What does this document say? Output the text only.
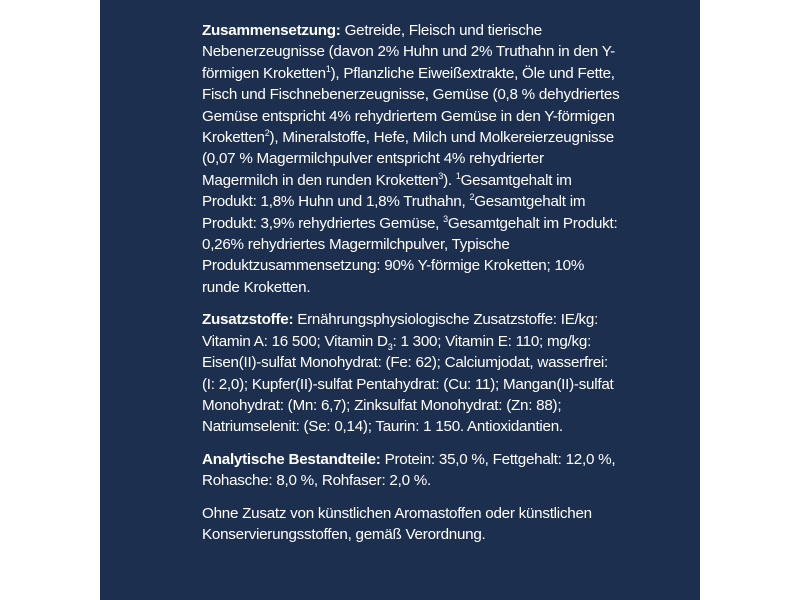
Zusammensetzung: Getreide, Fleisch und tierische Nebenerzeugnisse (davon 2% Huhn und 2% Truthahn in den Y-förmigen Kroketten$^1$), Pflanzliche Eiweißextrakte, Öle und Fette, Fisch und Fischnebenerzeugnisse, Gemüse (0,8 % dehydriertes Gemüse entspricht 4% rehydriertem Gemüse in den Y-förmigen Kroketten$^2$), Mineralstoffe, Hefe, Milch und Molkereierzeugnisse (0,07 % Magermilchpulver entspricht 4% rehydrierter Magermilch in den runden Kroketten$^3$). $^1$Gesamtgehalt im Produkt: 1,8% Huhn und 1,8% Truthahn, $^2$Gesamtgehalt im Produkt: 3,9% rehydriertes Gemüse, $^3$Gesamtgehalt im Produkt: 0,26% rehydriertes Magermilchpulver, Typische Produktzusammensetzung: 90% Y-förmige Kroketten; 10% runde Kroketten.

Zusatzstoffe: Ernährungsphysiologische Zusatzstoffe: IE/kg: Vitamin A: 16 500; Vitamin $D_3$: 1 300; Vitamin E: 110; mg/kg: Eisen(II)-sulfat Monohydrat: (Fe: 62); Calciumjodat, wasserfrei: (I: 2,0); Kupfer(II)-sulfat Pentahydrat: (Cu: 11); Mangan(II)-sulfat Monohydrat: (Mn: 6,7); Zinksulfat Monohydrat: (Zn: 88); Natriumselenit: (Se: 0,14); Taurin: 1 150. Antioxidantien.

Analytische Bestandteile: Protein: 35,0 %, Fettgehalt: 12,0 %, Rohasche: 8,0 %, Rohfaser: 2,0 %.

Ohne Zusatz von künstlichen Aromastoffen oder künstlichen Konservierungsstoffen, gemäß Verordnung.
